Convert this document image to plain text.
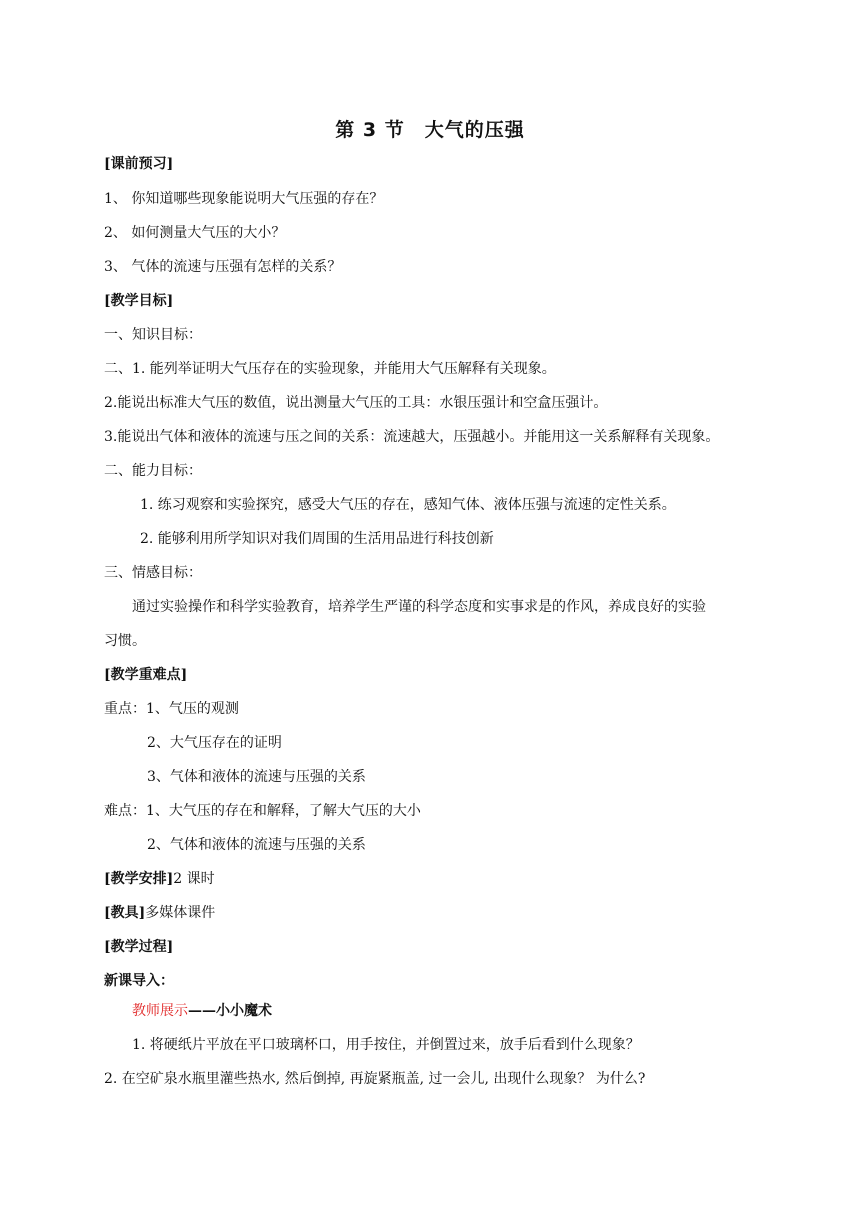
第 3 节　大气的压强
[课前预习]
1、 你知道哪些现象能说明大气压强的存在？
2、 如何测量大气压的大小？
3、 气体的流速与压强有怎样的关系？
[教学目标]
一、知识目标：
二、1. 能列举证明大气压存在的实验现象，并能用大气压解释有关现象。
2.能说出标准大气压的数值，说出测量大气压的工具：水银压强计和空盒压强计。
3.能说出气体和液体的流速与压之间的关系：流速越大，压强越小。并能用这一关系解释有关现象。
二、能力目标：
1. 练习观察和实验探究，感受大气压的存在，感知气体、液体压强与流速的定性关系。
2. 能够利用所学知识对我们周围的生活用品进行科技创新
三、情感目标：
通过实验操作和科学实验教育，培养学生严谨的科学态度和实事求是的作风，养成良好的实验
习惯。
[教学重难点]
重点：1、气压的观测
2、大气压存在的证明
3、气体和液体的流速与压强的关系
难点：1、大气压的存在和解释，了解大气压的大小
2、气体和液体的流速与压强的关系
[教学安排]2 课时
[教具]多媒体课件
[教学过程]
新课导入：
教师展示——小小魔术
1. 将硬纸片平放在平口玻璃杯口，用手按住，并倒置过来，放手后看到什么现象？
2. 在空矿泉水瓶里灌些热水, 然后倒掉, 再旋紧瓶盖, 过一会儿, 出现什么现象？ 为什么?
